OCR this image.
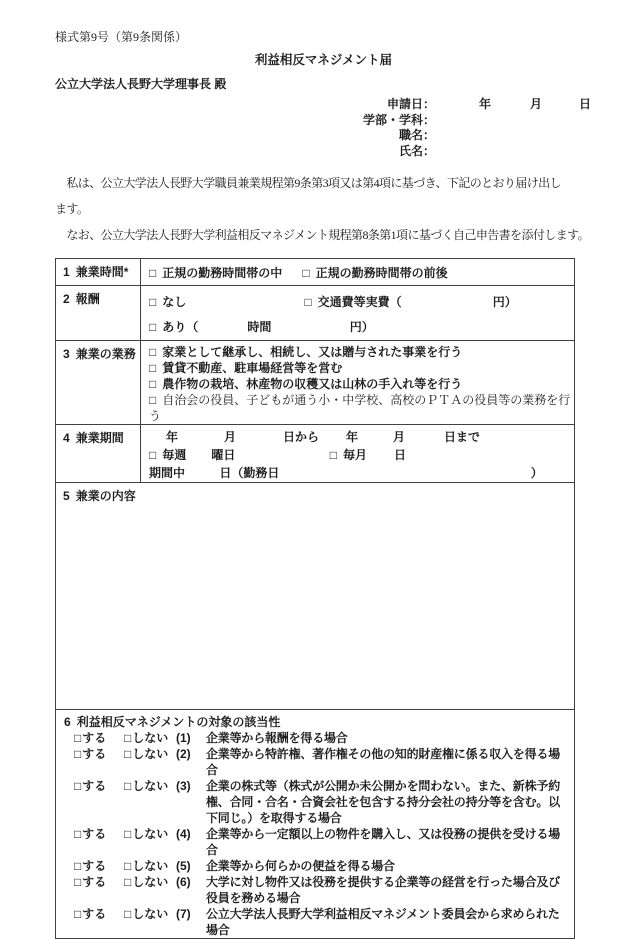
様式第9号（第9条関係）
利益相反マネジメント届
公立大学法人長野大学理事長 殿
申請日：	年	月	日
学部・学科：
職名：
氏名：
　私は、公立大学法人長野大学職員兼業規程第9条第3項又は第4項に基づき、下記のとおり届け出します。
　なお、公立大学法人長野大学利益相反マネジメント規程第8条第1項に基づく自己申告書を添付します。
1 兼業時間*	□ 正規の勤務時間帯の中 □ 正規の勤務時間帯の前後
2 報酬	□ なし	□ 交通費等実費（	円）
□ あり（	時間	円）
3 兼業の業務	□ 家業として継承し、相続し、又は贈与された事業を行う
□ 賃貸不動産、駐車場経営等を営む
□ 農作物の栽培、林産物の収穫又は山林の手入れ等を行う
□ 自治会の役員、子どもが通う小・中学校、高校のＰＴＡの役員等の業務を行う
4 兼業期間	年	月	日から 年	月	日まで
□ 毎週 曜日	□ 毎月 日
期間中	日（勤務日	）
5 兼業の内容
6 利益相反マネジメントの対象の該当性
□する	□しない (1)	企業等から報酬を得る場合
□する	□しない (2)	企業等から特許権、著作権その他の知的財産権に係る収入を得る場合
□する	□しない (3)	企業の株式等（株式が公開か未公開かを問わない。また、新株予約権、合同・合名・合資会社を包含する持分会社の持分等を含む。以下同じ。）を取得する場合
□する	□しない (4)	企業等から一定額以上の物件を購入し、又は役務の提供を受ける場合
□する	□しない (5)	企業等から何らかの便益を得る場合
□する	□しない (6)	大学に対し物件又は役務を提供する企業等の経営を行った場合及び役員を務める場合
□する	□しない (7)	公立大学法人長野大学利益相反マネジメント委員会から求められた場合
